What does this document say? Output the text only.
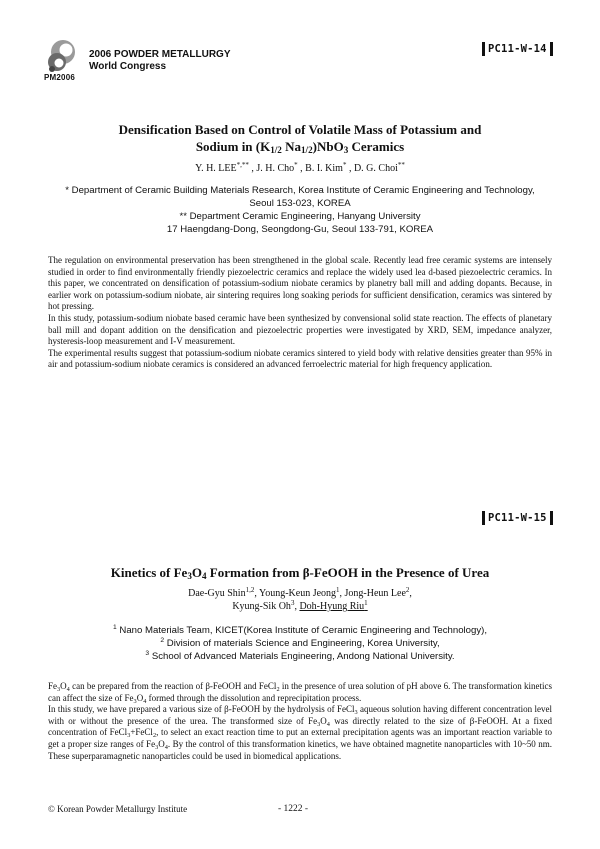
PM2006
2006 POWDER METALLURGY
World Congress
PC11-W-14
Densification Based on Control of Volatile Mass of Potassium and
Sodium in ($K_{1/2}$ $Na_{1/2})NbO_3$ Ceramics
Y. H. LEE*,** , J. H. Cho* , B. I. Kim* , D. G. Choi**
* Department of Ceramic Building Materials Research, Korea Institute of Ceramic Engineering and Technology,
Seoul 153-023, KOREA
** Department Ceramic Engineering, Hanyang University
17 Haengdang-Dong, Seongdong-Gu, Seoul 133-791, KOREA

The regulation on environmental preservation has been strengthened in the global scale. Recently lead free ceramic systems are intensely studied in order to find environmentally friendly piezoelectric ceramics and replace the widely used lea d-based piezoelectric ceramics. In this paper, we concentrated on densification of potassium-sodium niobate ceramics by planetry ball mill and adding dopants. Because, in earlier work on potassium-sodium niobate, air sintering requires long soaking periods for sufficient densification, ceramics was sintered by hot pressing.

In this study, potassium-sodium niobate based ceramic have been synthesized by convensional solid state reaction. The effects of planetary ball mill and dopant addition on the densification and piezoelectric properties were investigated by XRD, SEM, impedance analyzer, hysteresis-loop measurement and I-V measurement.

The experimental results suggest that potassium-sodium niobate ceramics sintered to yield body with relative densities greater than 95% in air and potassium-sodium niobate ceramics is considered an advanced ferroelectric material for high frequency application.

PC11-W-15
Kinetics of $Fe_3O_4$ Formation from β-FeOOH in the Presence of Urea
Dae-Gyu Shin$^{1,2}$, Young-Keun Jeong$^1$, Jong-Heun Lee$^2$,
Kyung-Sik Oh$^3$, Doh-Hyung Riu$^1$
$^1$ Nano Materials Team, KICET(Korea Institute of Ceramic Engineering and Technology),
$^2$ Division of materials Science and Engineering, Korea University,
$^3$ School of Advanced Materials Engineering, Andong National University.

$Fe_3O_4$ can be prepared from the reaction of β-FeOOH and FeCl$_2$ in the presence of urea solution of pH above 6. The transformation kinetics can affect the size of $Fe_3O_4$ formed through the dissolution and reprecipitation process.

In this study, we have prepared a various size of β-FeOOH by the hydrolysis of FeCl$_3$ aqueous solution having different concentration level with or without the presence of the urea. The transformed size of $Fe_3O_4$ was directly related to the size of β-FeOOH. At a fixed concentration of FeCl$_3$+FeCl$_2$, to select an exact reaction time to put an external precipitation agents was an important reaction variable to get a proper size ranges of $Fe_3O_4$. By the control of this transformation kinetics, we have obtained magnetite nanoparticles with 10~50 nm. These superparamagnetic nanoparticles could be used in biomedical applications.

© Korean Powder Metallurgy Institute	- 1222 -
